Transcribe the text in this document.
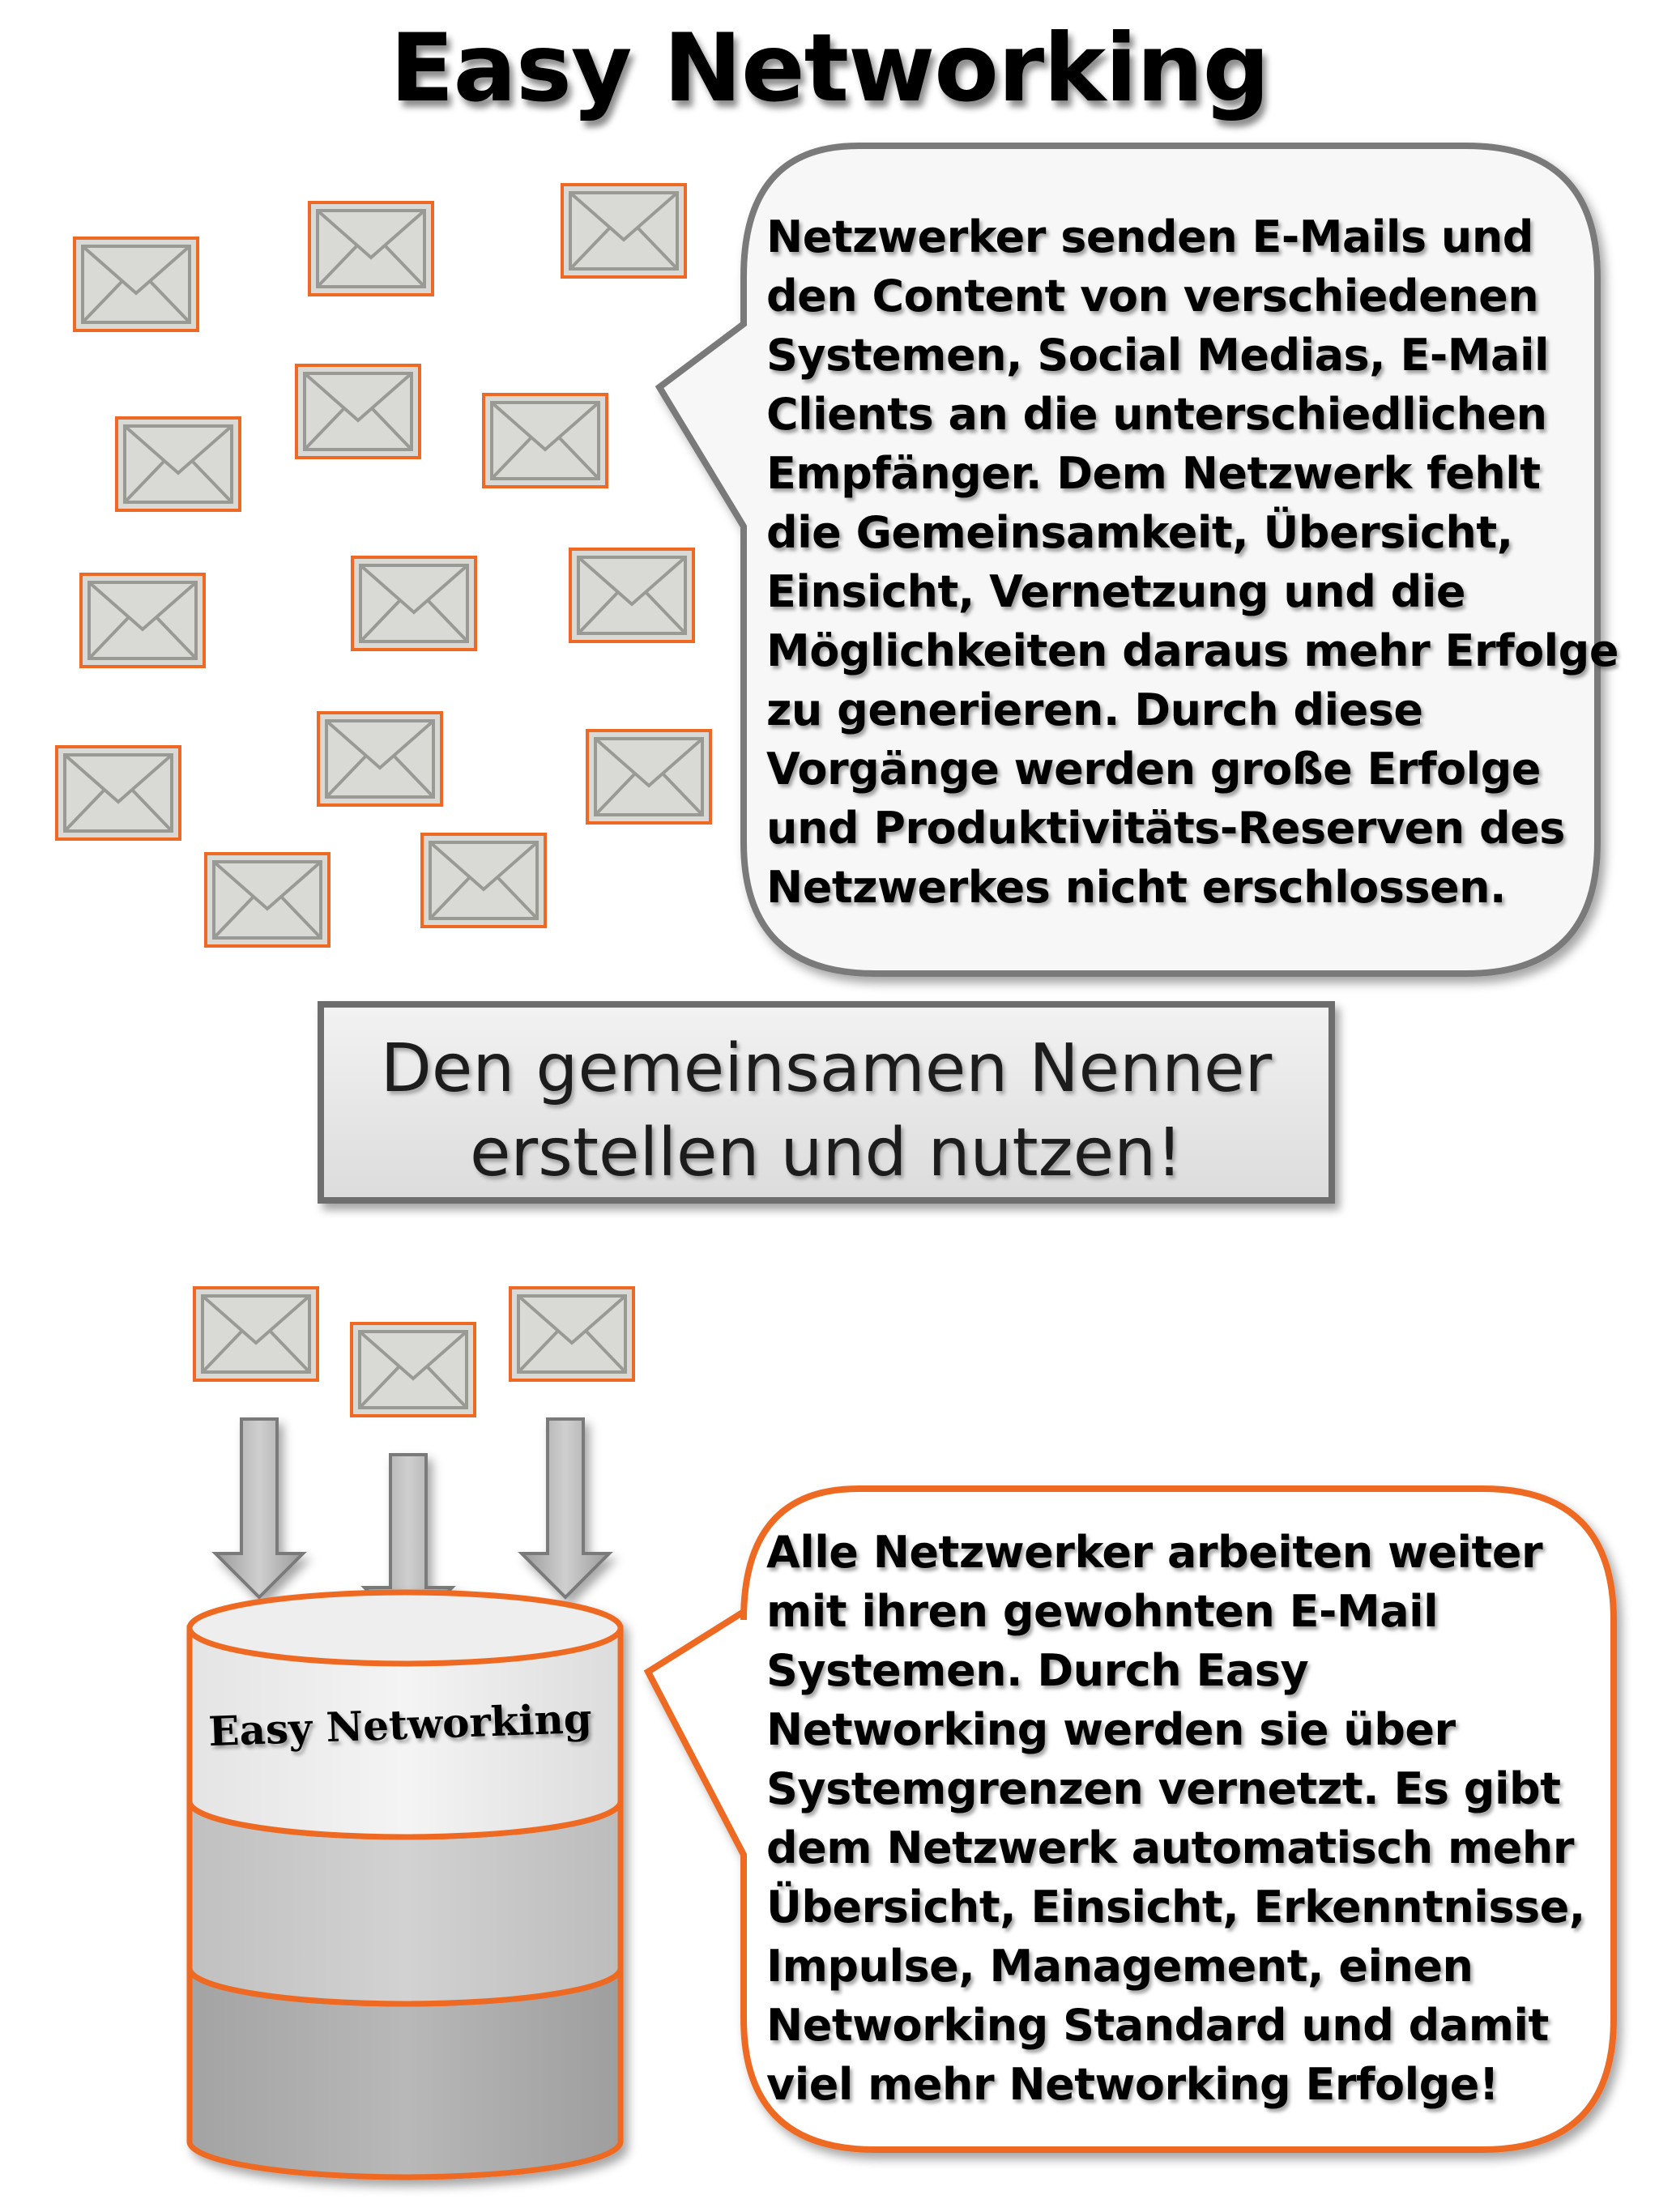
Easy Networking
Netzwerker senden E-Mails und
den Content von verschiedenen
Systemen, Social Medias, E-Mail
Clients an die unterschiedlichen
Empfänger. Dem Netzwerk fehlt
die Gemeinsamkeit, Übersicht,
Einsicht, Vernetzung und die
Möglichkeiten daraus mehr Erfolge
zu generieren. Durch diese
Vorgänge werden große Erfolge
und Produktivitäts-Reserven des
Netzwerkes nicht erschlossen.

Den gemeinsamen Nenner
erstellen und nutzen!

Easy Networking
Alle Netzwerker arbeiten weiter
mit ihren gewohnten E-Mail
Systemen. Durch Easy
Networking werden sie über
Systemgrenzen vernetzt. Es gibt
dem Netzwerk automatisch mehr
Übersicht, Einsicht, Erkenntnisse,
Impulse, Management, einen
Networking Standard und damit
viel mehr Networking Erfolge!
